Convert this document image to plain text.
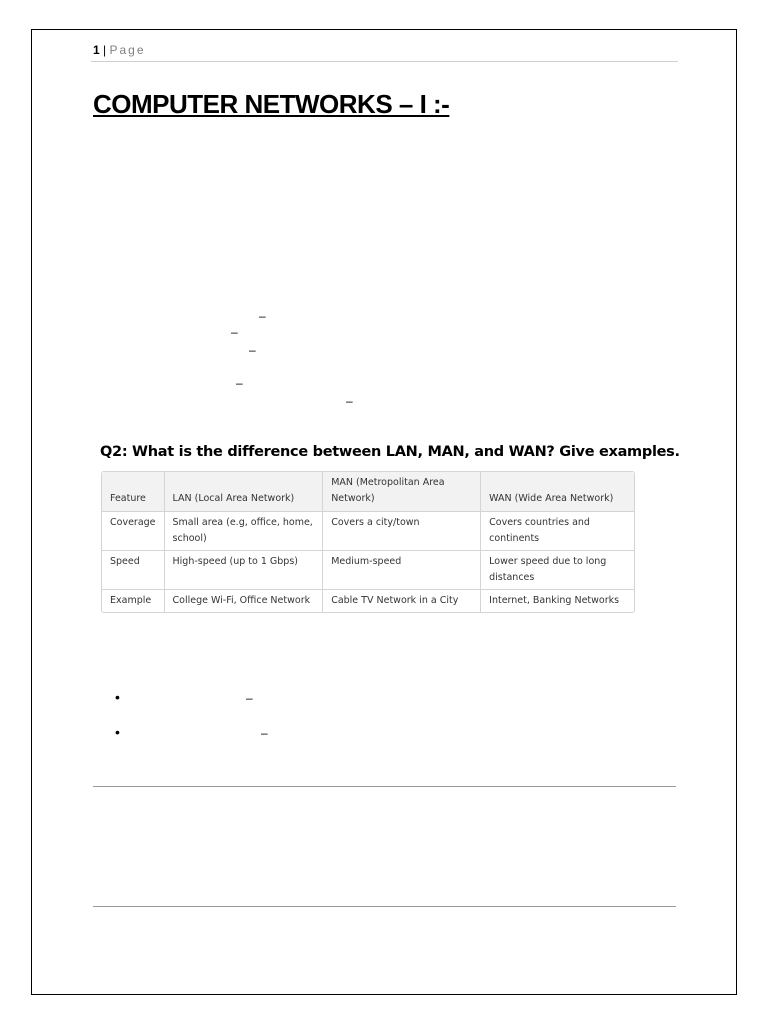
1 | Page
COMPUTER NETWORKS – I :-
–
–
–
–
–
Q2: What is the difference between LAN, MAN, and WAN? Give examples.
Feature	LAN (Local Area Network)	MAN (Metropolitan Area Network)	WAN (Wide Area Network)
Coverage	Small area (e.g, office, home, school)	Covers a city/town	Covers countries and continents
Speed	High-speed (up to 1 Gbps)	Medium-speed	Lower speed due to long distances
Example	College Wi-Fi, Office Network	Cable TV Network in a City	Internet, Banking Networks
•	–
•	–
